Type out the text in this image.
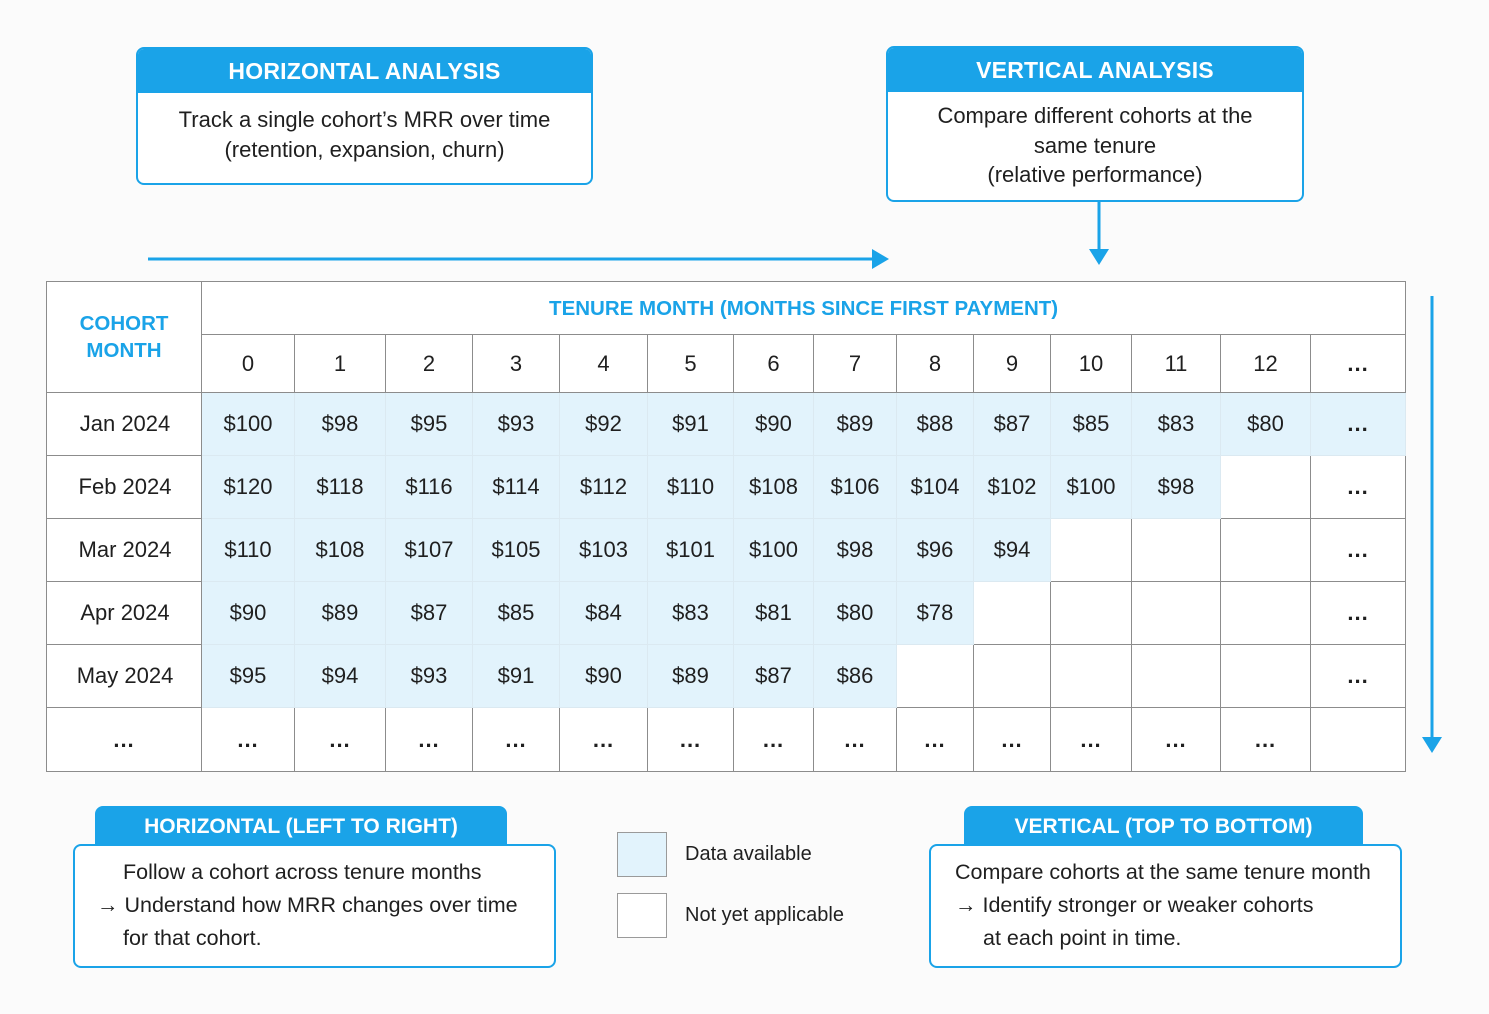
HORIZONTAL ANALYSIS
Track a single cohort’s MRR over time
(retention, expansion, churn)
VERTICAL ANALYSIS
Compare different cohorts at the
same tenure
(relative performance)
COHORT
MONTH	TENURE MONTH (MONTHS SINCE FIRST PAYMENT)													
	0	1	2	3	4	5	6	7	8	9	10	11	12	...
Jan 2024	$100	$98	$95	$93	$92	$91	$90	$89	$88	$87	$85	$83	$80	...
Feb 2024	$120	$118	$116	$114	$112	$110	$108	$106	$104	$102	$100	$98		...
Mar 2024	$110	$108	$107	$105	$103	$101	$100	$98	$96	$94				...
Apr 2024	$90	$89	$87	$85	$84	$83	$81	$80	$78					...
May 2024	$95	$94	$93	$91	$90	$89	$87	$86						...
...	...	...	...	...	...	...	...	...	...	...	...	...	...	
Follow a cohort across tenure months
→ Understand how MRR changes over time
for that cohort.
HORIZONTAL (LEFT TO RIGHT)
Data available
Not yet applicable
Compare cohorts at the same tenure month
→ Identify stronger or weaker cohorts
at each point in time.
VERTICAL (TOP TO BOTTOM)
